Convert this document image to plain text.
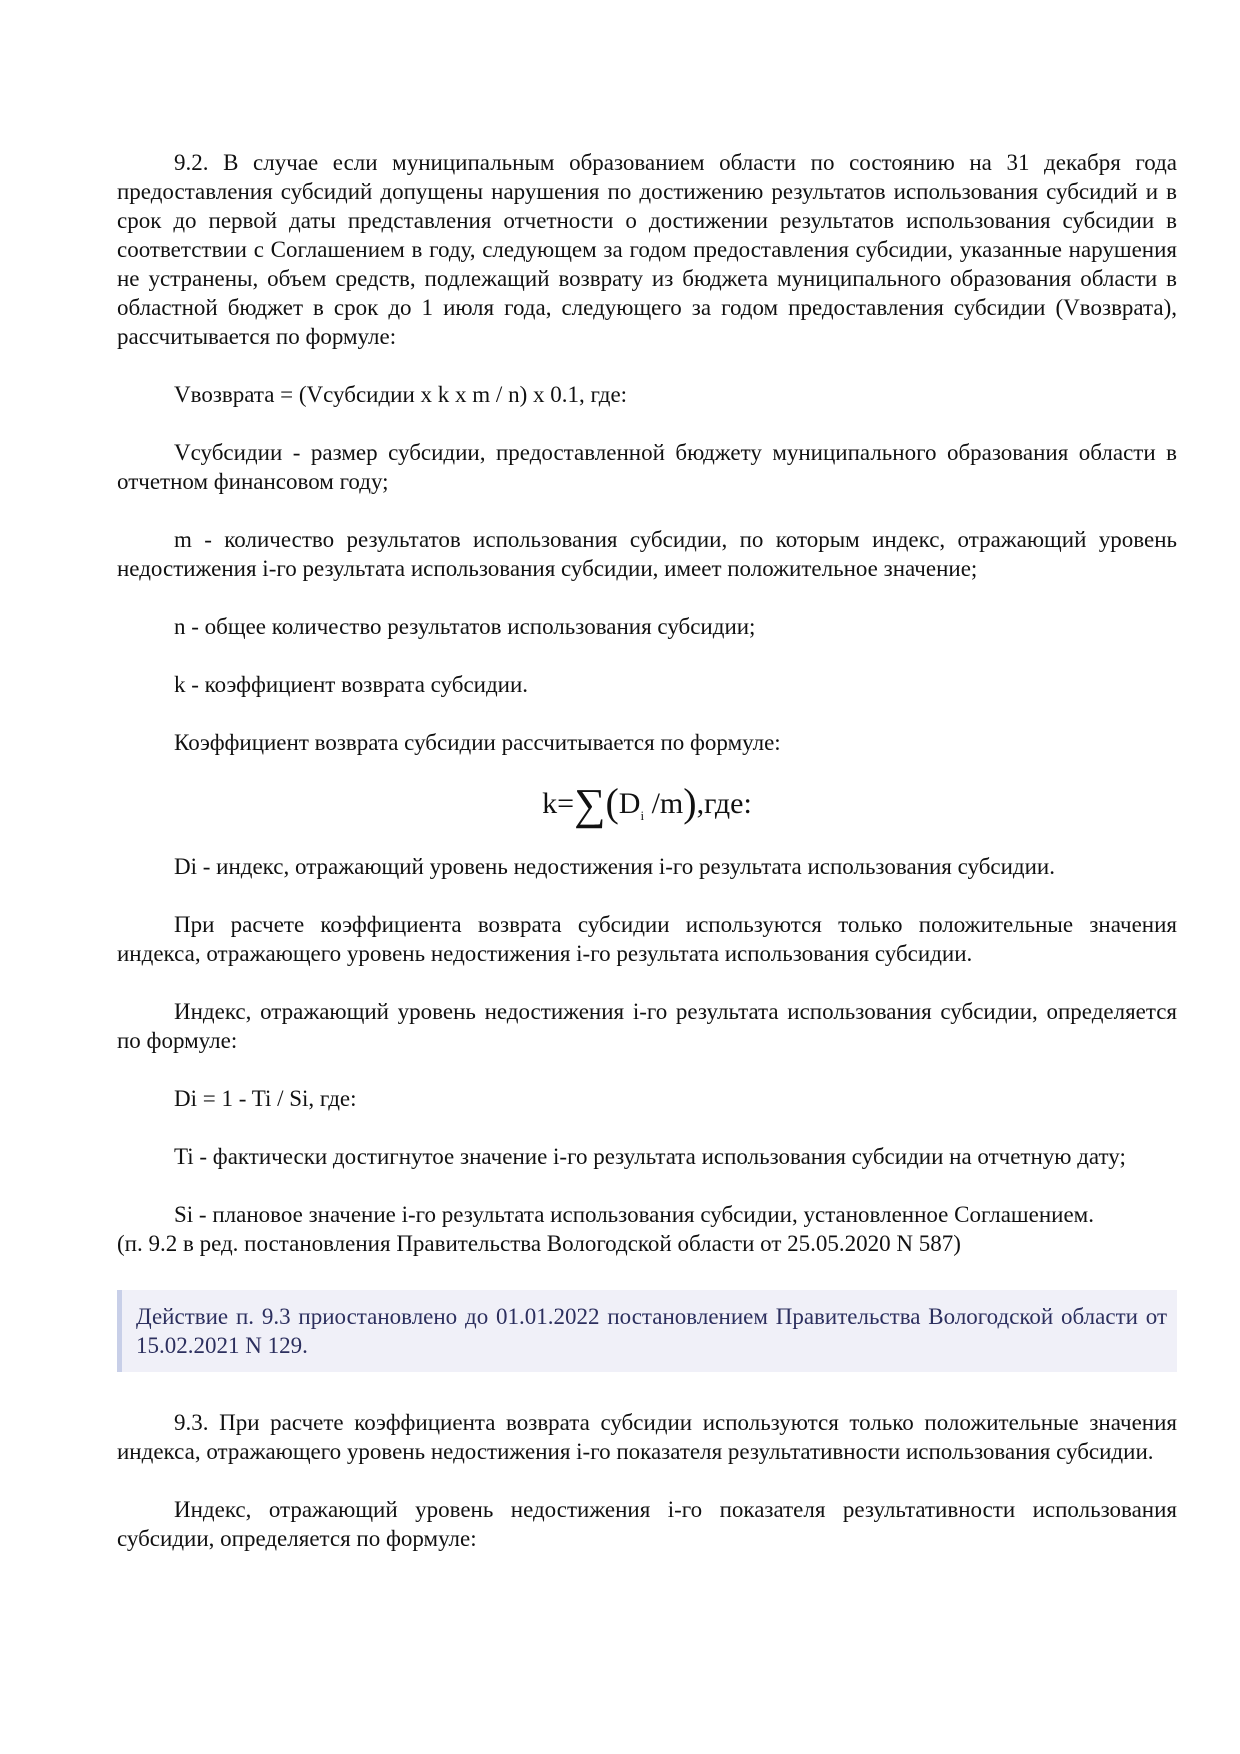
9.2. В случае если муниципальным образованием области по состоянию на 31 декабря года предоставления субсидий допущены нарушения по достижению результатов использования субсидий и в срок до первой даты представления отчетности о достижении результатов использования субсидии в соответствии с Соглашением в году, следующем за годом предоставления субсидии, указанные нарушения не устранены, объем средств, подлежащий возврату из бюджета муниципального образования области в областной бюджет в срок до 1 июля года, следующего за годом предоставления субсидии (Vвозврата), рассчитывается по формуле:

Vвозврата = (Vсубсидии x k x m / n) x 0.1, где:

Vсубсидии - размер субсидии, предоставленной бюджету муниципального образования области в отчетном финансовом году;

m - количество результатов использования субсидии, по которым индекс, отражающий уровень недостижения i-го результата использования субсидии, имеет положительное значение;

n - общее количество результатов использования субсидии;

k - коэффициент возврата субсидии.

Коэффициент возврата субсидии рассчитывается по формуле:

$k=\sum(D_i$ /m),где:

Di - индекс, отражающий уровень недостижения i-го результата использования субсидии.

При расчете коэффициента возврата субсидии используются только положительные значения индекса, отражающего уровень недостижения i-го результата использования субсидии.

Индекс, отражающий уровень недостижения i-го результата использования субсидии, определяется по формуле:

Di = 1 - Ti / Si, где:

Ti - фактически достигнутое значение i-го результата использования субсидии на отчетную дату;

Si - плановое значение i-го результата использования субсидии, установленное Соглашением.

(п. 9.2 в ред. постановления Правительства Вологодской области от 25.05.2020 N 587)

Действие п. 9.3 приостановлено до 01.01.2022 постановлением Правительства Вологодской области от 15.02.2021 N 129.

9.3. При расчете коэффициента возврата субсидии используются только положительные значения индекса, отражающего уровень недостижения i-го показателя результативности использования субсидии.

Индекс, отражающий уровень недостижения i-го показателя результативности использования субсидии, определяется по формуле:
